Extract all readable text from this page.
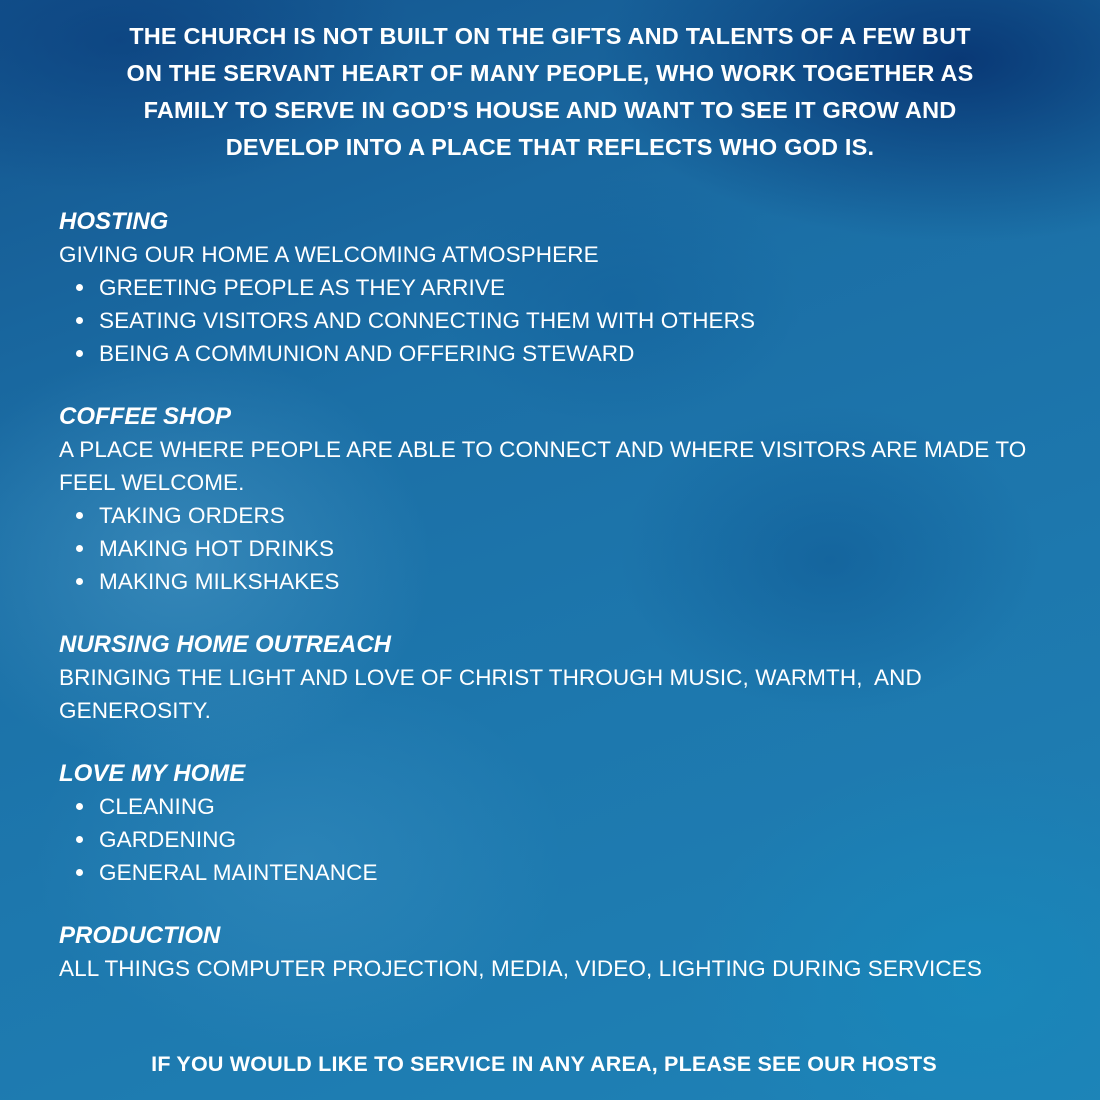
THE CHURCH IS NOT BUILT ON THE GIFTS AND TALENTS OF A FEW BUT
ON THE SERVANT HEART OF MANY PEOPLE, WHO WORK TOGETHER AS
FAMILY TO SERVE IN GOD’S HOUSE AND WANT TO SEE IT GROW AND
DEVELOP INTO A PLACE THAT REFLECTS WHO GOD IS.
HOSTING
GIVING OUR HOME A WELCOMING ATMOSPHERE
GREETING PEOPLE AS THEY ARRIVE
SEATING VISITORS AND CONNECTING THEM WITH OTHERS
BEING A COMMUNION AND OFFERING STEWARD
COFFEE SHOP
A PLACE WHERE PEOPLE ARE ABLE TO CONNECT AND WHERE VISITORS ARE MADE TO FEEL WELCOME.
TAKING ORDERS
MAKING HOT DRINKS
MAKING MILKSHAKES
NURSING HOME OUTREACH
BRINGING THE LIGHT AND LOVE OF CHRIST THROUGH MUSIC, WARMTH,  AND GENEROSITY.
LOVE MY HOME
CLEANING
GARDENING
GENERAL MAINTENANCE
PRODUCTION
ALL THINGS COMPUTER PROJECTION, MEDIA, VIDEO, LIGHTING DURING SERVICES
IF YOU WOULD LIKE TO SERVICE IN ANY AREA, PLEASE SEE OUR HOSTS
